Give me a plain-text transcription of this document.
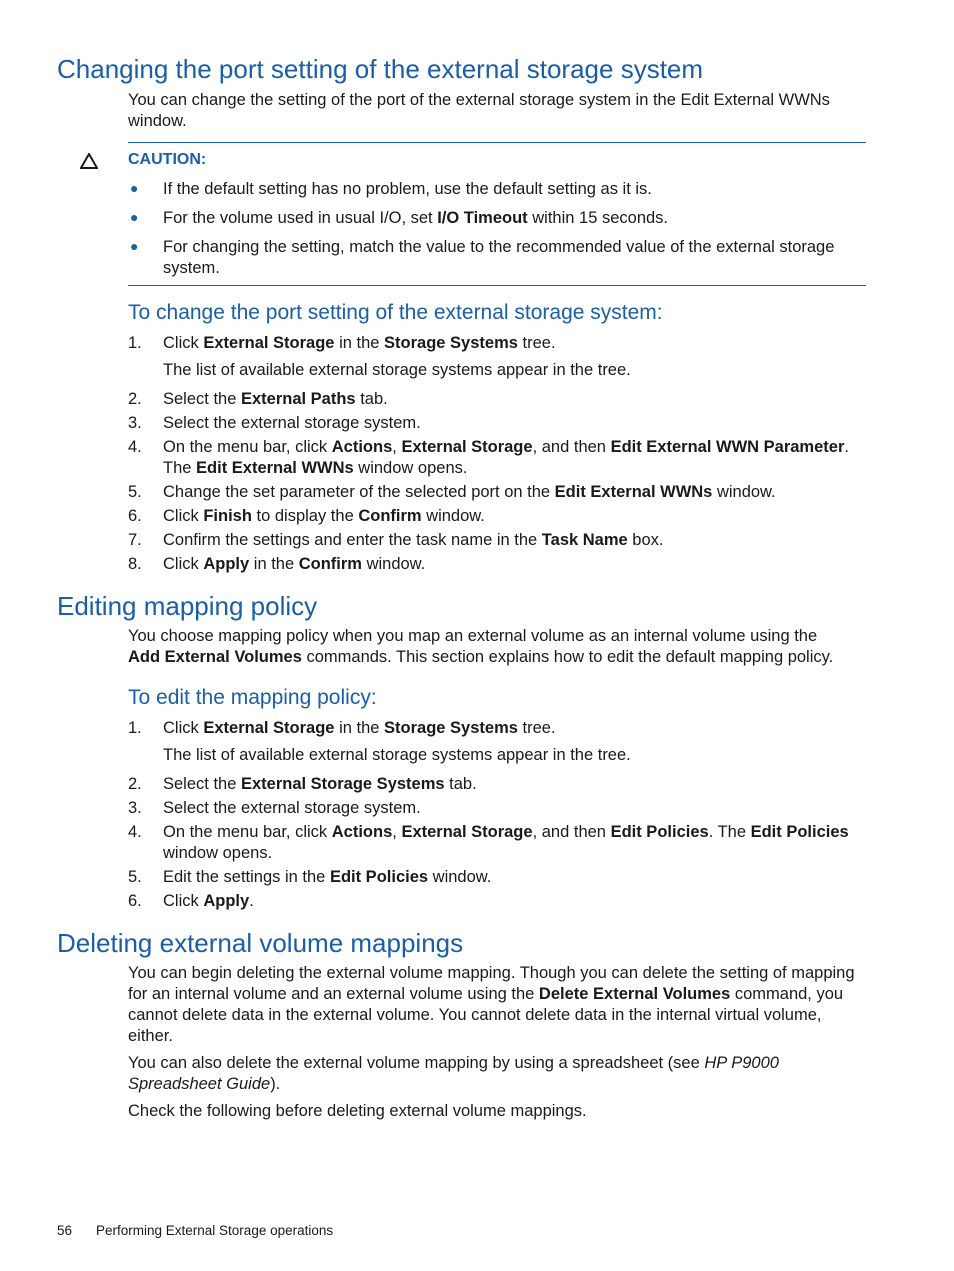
Changing the port setting of the external storage system
You can change the setting of the port of the external storage system in the Edit External WWNs
window.
CAUTION:
● If the default setting has no problem, use the default setting as it is.
● For the volume used in usual I/O, set I/O Timeout within 15 seconds.
● For changing the setting, match the value to the recommended value of the external storage
system.
To change the port setting of the external storage system:
1. Click External Storage in the Storage Systems tree.
The list of available external storage systems appear in the tree.
2. Select the External Paths tab.
3. Select the external storage system.
4. On the menu bar, click Actions, External Storage, and then Edit External WWN Parameter.
The Edit External WWNs window opens.
5. Change the set parameter of the selected port on the Edit External WWNs window.
6. Click Finish to display the Confirm window.
7. Confirm the settings and enter the task name in the Task Name box.
8. Click Apply in the Confirm window.
Editing mapping policy
You choose mapping policy when you map an external volume as an internal volume using the
Add External Volumes commands. This section explains how to edit the default mapping policy.
To edit the mapping policy:
1. Click External Storage in the Storage Systems tree.
The list of available external storage systems appear in the tree.
2. Select the External Storage Systems tab.
3. Select the external storage system.
4. On the menu bar, click Actions, External Storage, and then Edit Policies. The Edit Policies
window opens.
5. Edit the settings in the Edit Policies window.
6. Click Apply.
Deleting external volume mappings
You can begin deleting the external volume mapping. Though you can delete the setting of mapping
for an internal volume and an external volume using the Delete External Volumes command, you
cannot delete data in the external volume. You cannot delete data in the internal virtual volume,
either.
You can also delete the external volume mapping by using a spreadsheet (see HP P9000
Spreadsheet Guide).
Check the following before deleting external volume mappings.
56 Performing External Storage operations
